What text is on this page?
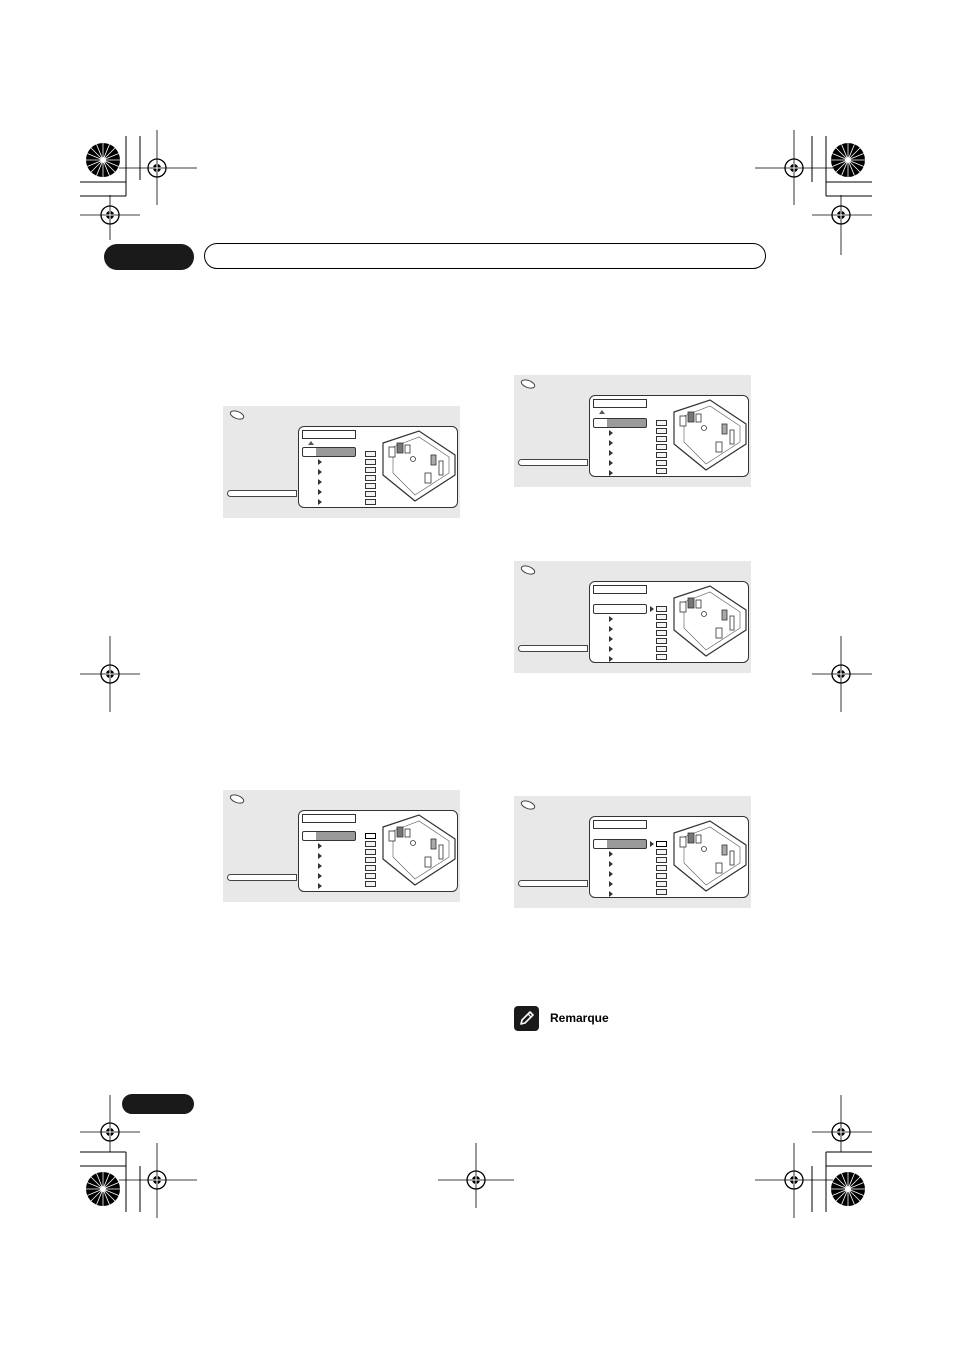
Remarque
